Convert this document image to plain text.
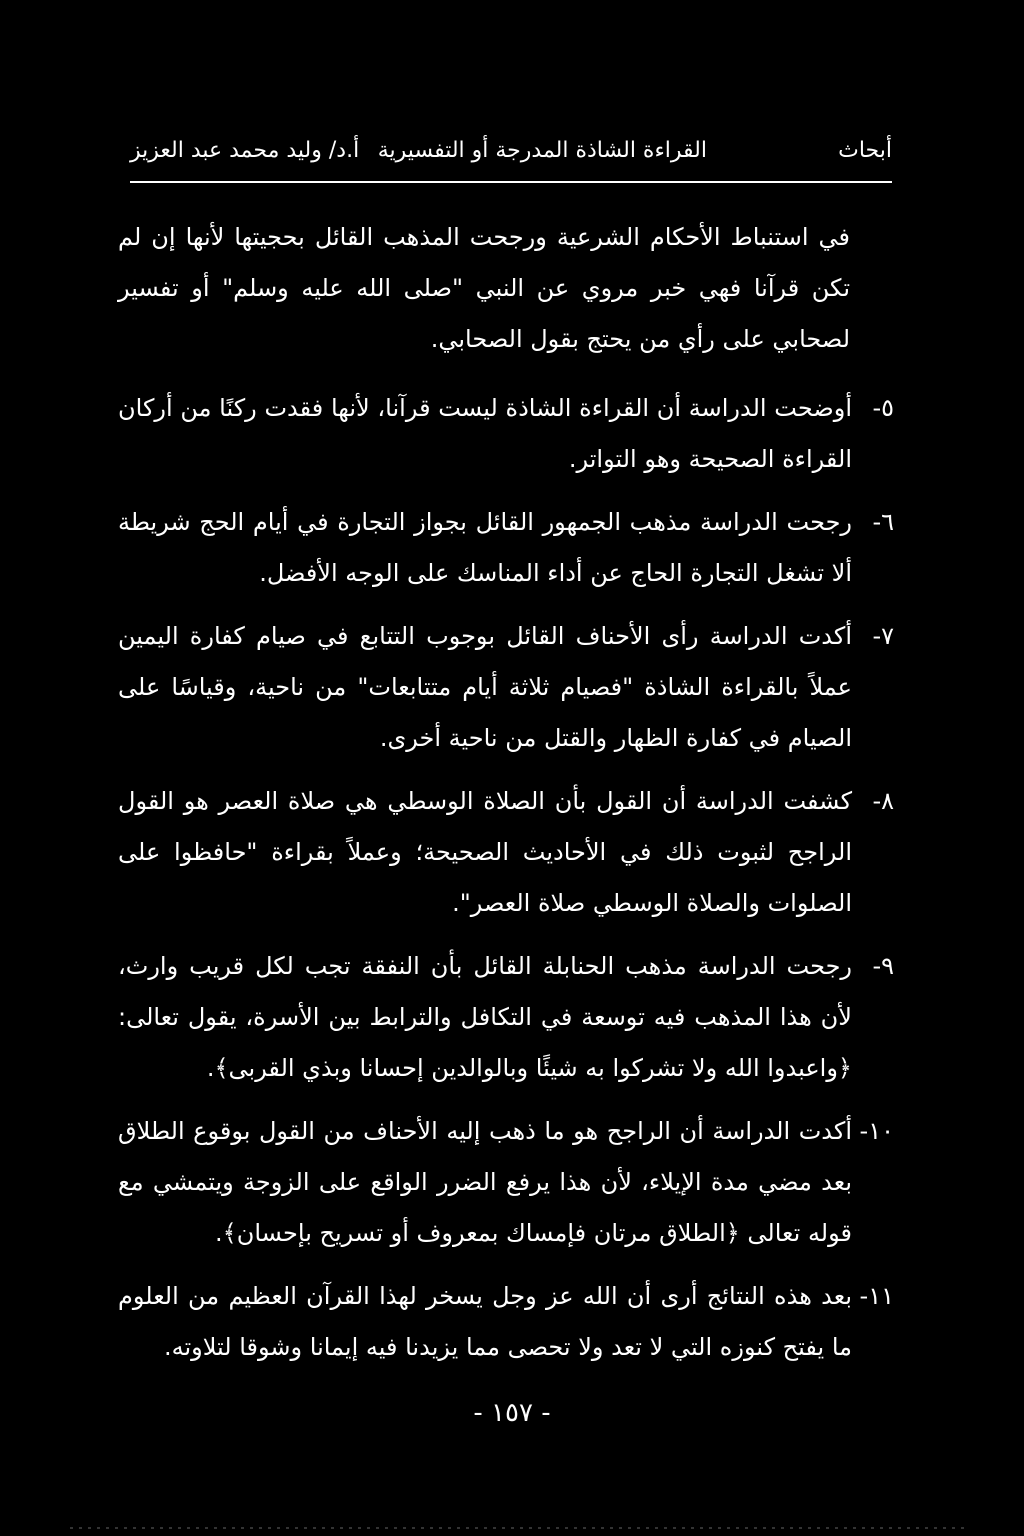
أبحاث
القراءة الشاذة المدرجة أو التفسيرية
أ.د/ وليد محمد عبد العزيز

في استنباط الأحكام الشرعية ورجحت المذهب القائل بحجيتها لأنها إن لم تكن قرآنا فهي خبر مروي عن النبي "صلى الله عليه وسلم" أو تفسير لصحابي على رأي من يحتج بقول الصحابي.

٥-
أوضحت الدراسة أن القراءة الشاذة ليست قرآنا، لأنها فقدت ركنًا من أركان القراءة الصحيحة وهو التواتر.

٦-
رجحت الدراسة مذهب الجمهور القائل بجواز التجارة في أيام الحج شريطة ألا تشغل التجارة الحاج عن أداء المناسك على الوجه الأفضل.

٧-
أكدت الدراسة رأى الأحناف القائل بوجوب التتابع في صيام كفارة اليمين عملاً بالقراءة الشاذة "فصيام ثلاثة أيام متتابعات" من ناحية، وقياسًا على الصيام في كفارة الظهار والقتل من ناحية أخرى.

٨-
كشفت الدراسة أن القول بأن الصلاة الوسطي هي صلاة العصر هو القول الراجح لثبوت ذلك في الأحاديث الصحيحة؛ وعملاً بقراءة "حافظوا على الصلوات والصلاة الوسطي صلاة العصر".

٩-
رجحت الدراسة مذهب الحنابلة القائل بأن النفقة تجب لكل قريب وارث، لأن هذا المذهب فيه توسعة في التكافل والترابط بين الأسرة، يقول تعالى: ﴿واعبدوا الله ولا تشركوا به شيئًا وبالوالدين إحسانا وبذي القربى﴾.

١٠-
أكدت الدراسة أن الراجح هو ما ذهب إليه الأحناف من القول بوقوع الطلاق بعد مضي مدة الإيلاء، لأن هذا يرفع الضرر الواقع على الزوجة ويتمشي مع قوله تعالى ﴿الطلاق مرتان فإمساك بمعروف أو تسريح بإحسان﴾.

١١-
بعد هذه النتائج أرى أن الله عز وجل يسخر لهذا القرآن العظيم من العلوم ما يفتح كنوزه التي لا تعد ولا تحصى مما يزيدنا فيه إيمانا وشوقا لتلاوته.

- ١٥٧ -
